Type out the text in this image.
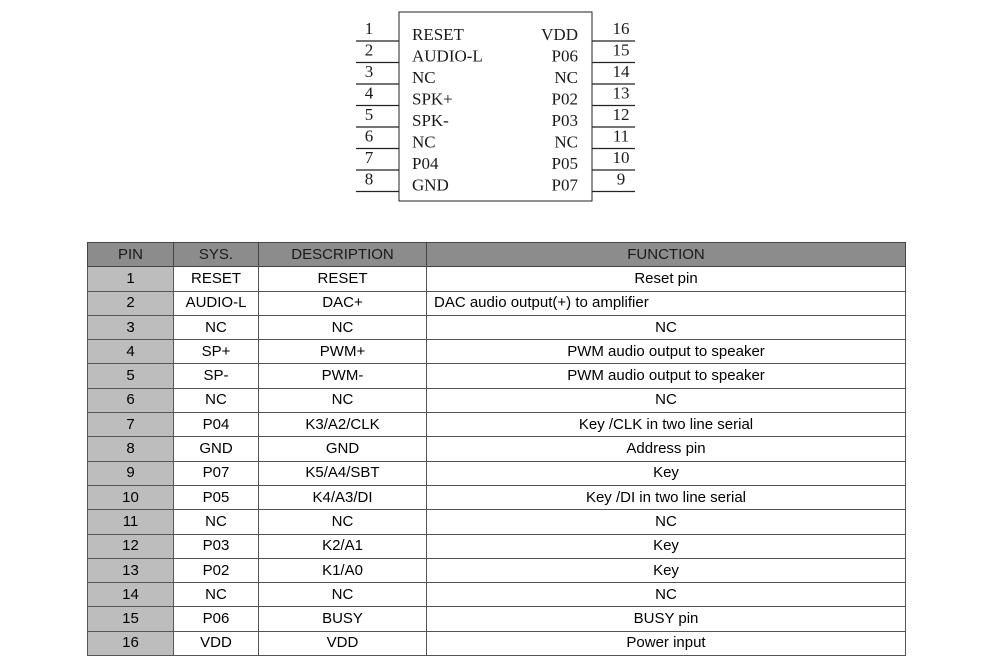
1 RESET
2 AUDIO-L
3 NC
4 SPK+
5 SPK-
6 NC
7 P04
8 GND
16
VDD
15
P06
14
NC
13
P02
12
P03
11
NC
10
P05
9
P07
PIN	SYS.	DESCRIPTION	FUNCTION
1	RESET	RESET	Reset pin
2	AUDIO-L	DAC+	DAC audio output(+) to amplifier
3	NC	NC	NC
4	SP+	PWM+	PWM audio output to speaker
5	SP-	PWM-	PWM audio output to speaker
6	NC	NC	NC
7	P04	K3/A2/CLK	Key /CLK in two line serial
8	GND	GND	Address pin
9	P07	K5/A4/SBT	Key
10	P05	K4/A3/DI	Key /DI in two line serial
11	NC	NC	NC
12	P03	K2/A1	Key
13	P02	K1/A0	Key
14	NC	NC	NC
15	P06	BUSY	BUSY pin
16	VDD	VDD	Power input
